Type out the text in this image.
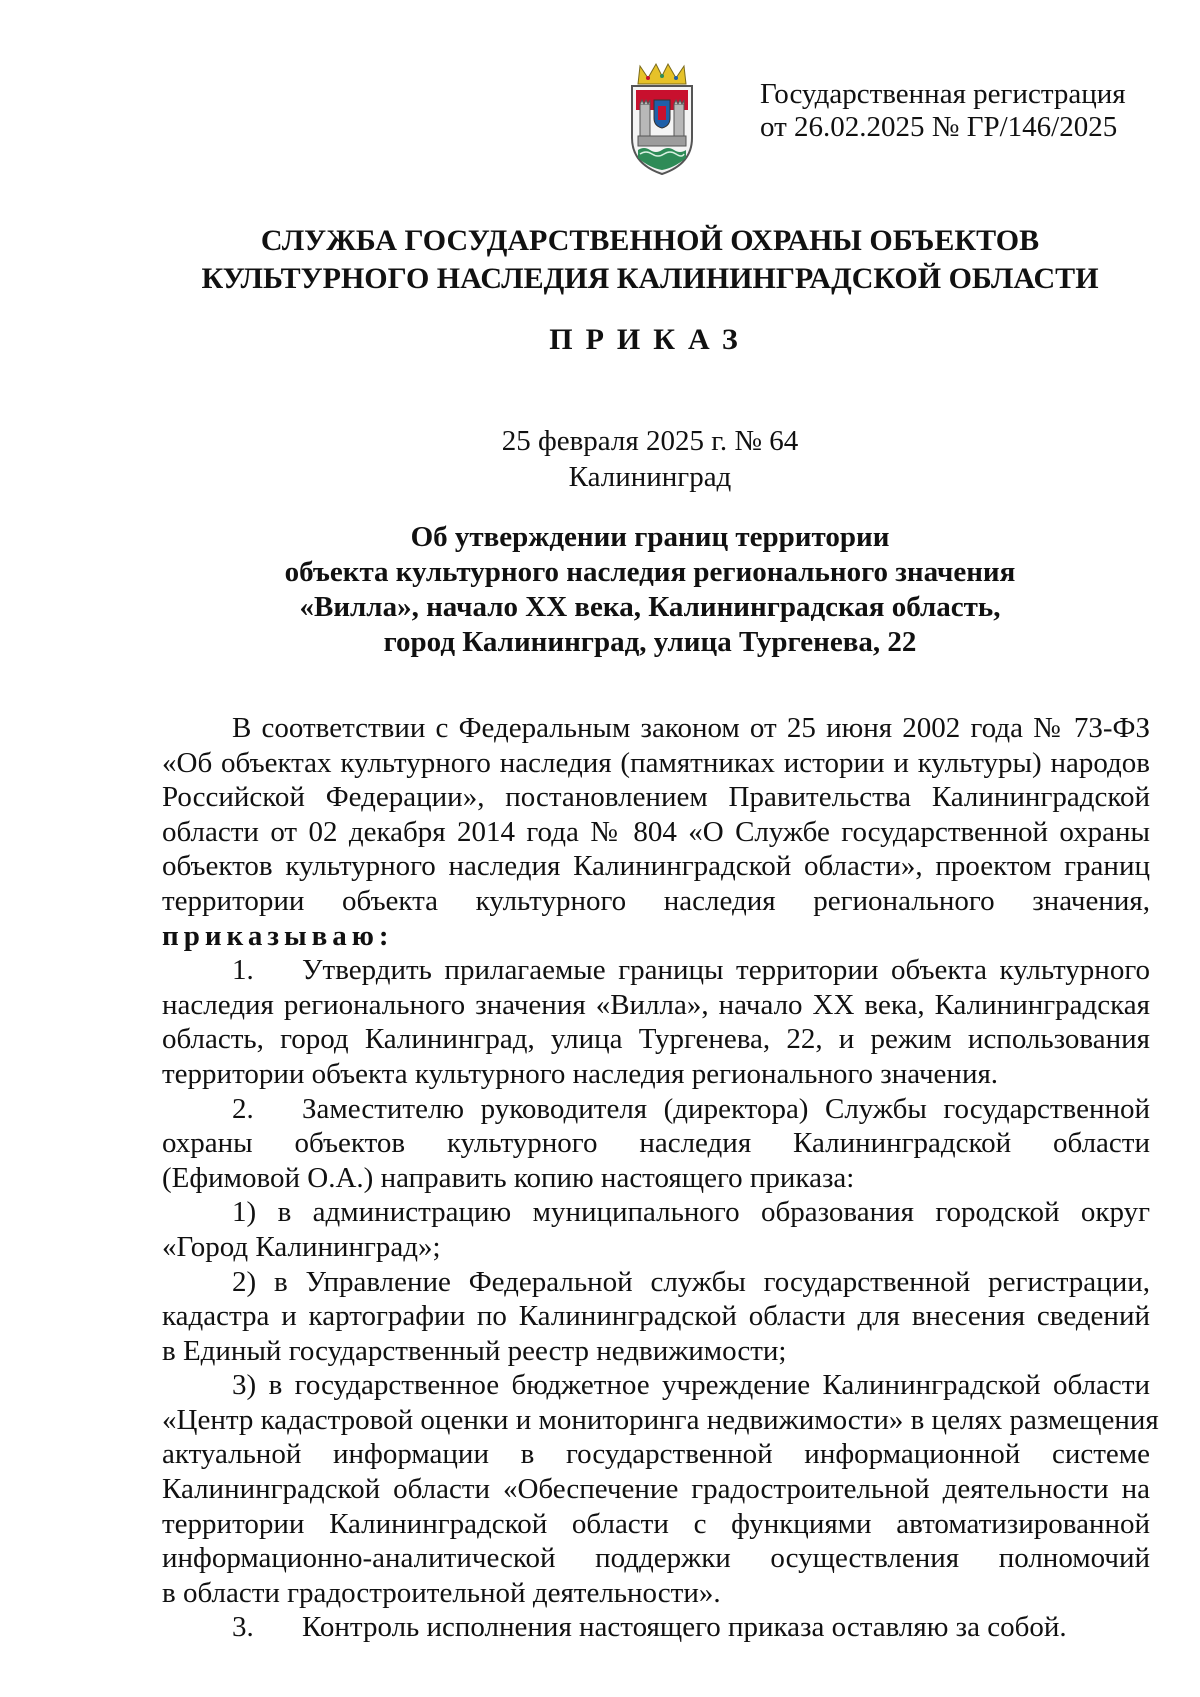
Государственная регистрация
от 26.02.2025 № ГР/146/2025
СЛУЖБА ГОСУДАРСТВЕННОЙ ОХРАНЫ ОБЪЕКТОВ
КУЛЬТУРНОГО НАСЛЕДИЯ КАЛИНИНГРАДСКОЙ ОБЛАСТИ
ПРИКАЗ
25 февраля 2025 г. № 64
Калининград
Об утверждении границ территории
объекта культурного наследия регионального значения
«Вилла», начало XX века, Калининградская область,
город Калининград, улица Тургенева, 22
В соответствии с Федеральным законом от 25 июня 2002 года № 73-ФЗ
«Об объектах культурного наследия (памятниках истории и культуры) народов
Российской Федерации», постановлением Правительства Калининградской
области от 02 декабря 2014 года № 804 «О Службе государственной охраны
объектов культурного наследия Калининградской области», проектом границ
территории объекта культурного наследия регионального значения,
приказываю:
1. Утвердить прилагаемые границы территории объекта культурного
наследия регионального значения «Вилла», начало XX века, Калининградская
область, город Калининград, улица Тургенева, 22, и режим использования
территории объекта культурного наследия регионального значения.
2. Заместителю руководителя (директора) Службы государственной
охраны объектов культурного наследия Калининградской области
(Ефимовой О.А.) направить копию настоящего приказа:
1) в администрацию муниципального образования городской округ
«Город Калининград»;
2) в Управление Федеральной службы государственной регистрации,
кадастра и картографии по Калининградской области для внесения сведений
в Единый государственный реестр недвижимости;
3) в государственное бюджетное учреждение Калининградской области
«Центр кадастровой оценки и мониторинга недвижимости» в целях размещения
актуальной информации в государственной информационной системе
Калининградской области «Обеспечение градостроительной деятельности на
территории Калининградской области с функциями автоматизированной
информационно-аналитической поддержки осуществления полномочий
в области градостроительной деятельности».
3. Контроль исполнения настоящего приказа оставляю за собой.
